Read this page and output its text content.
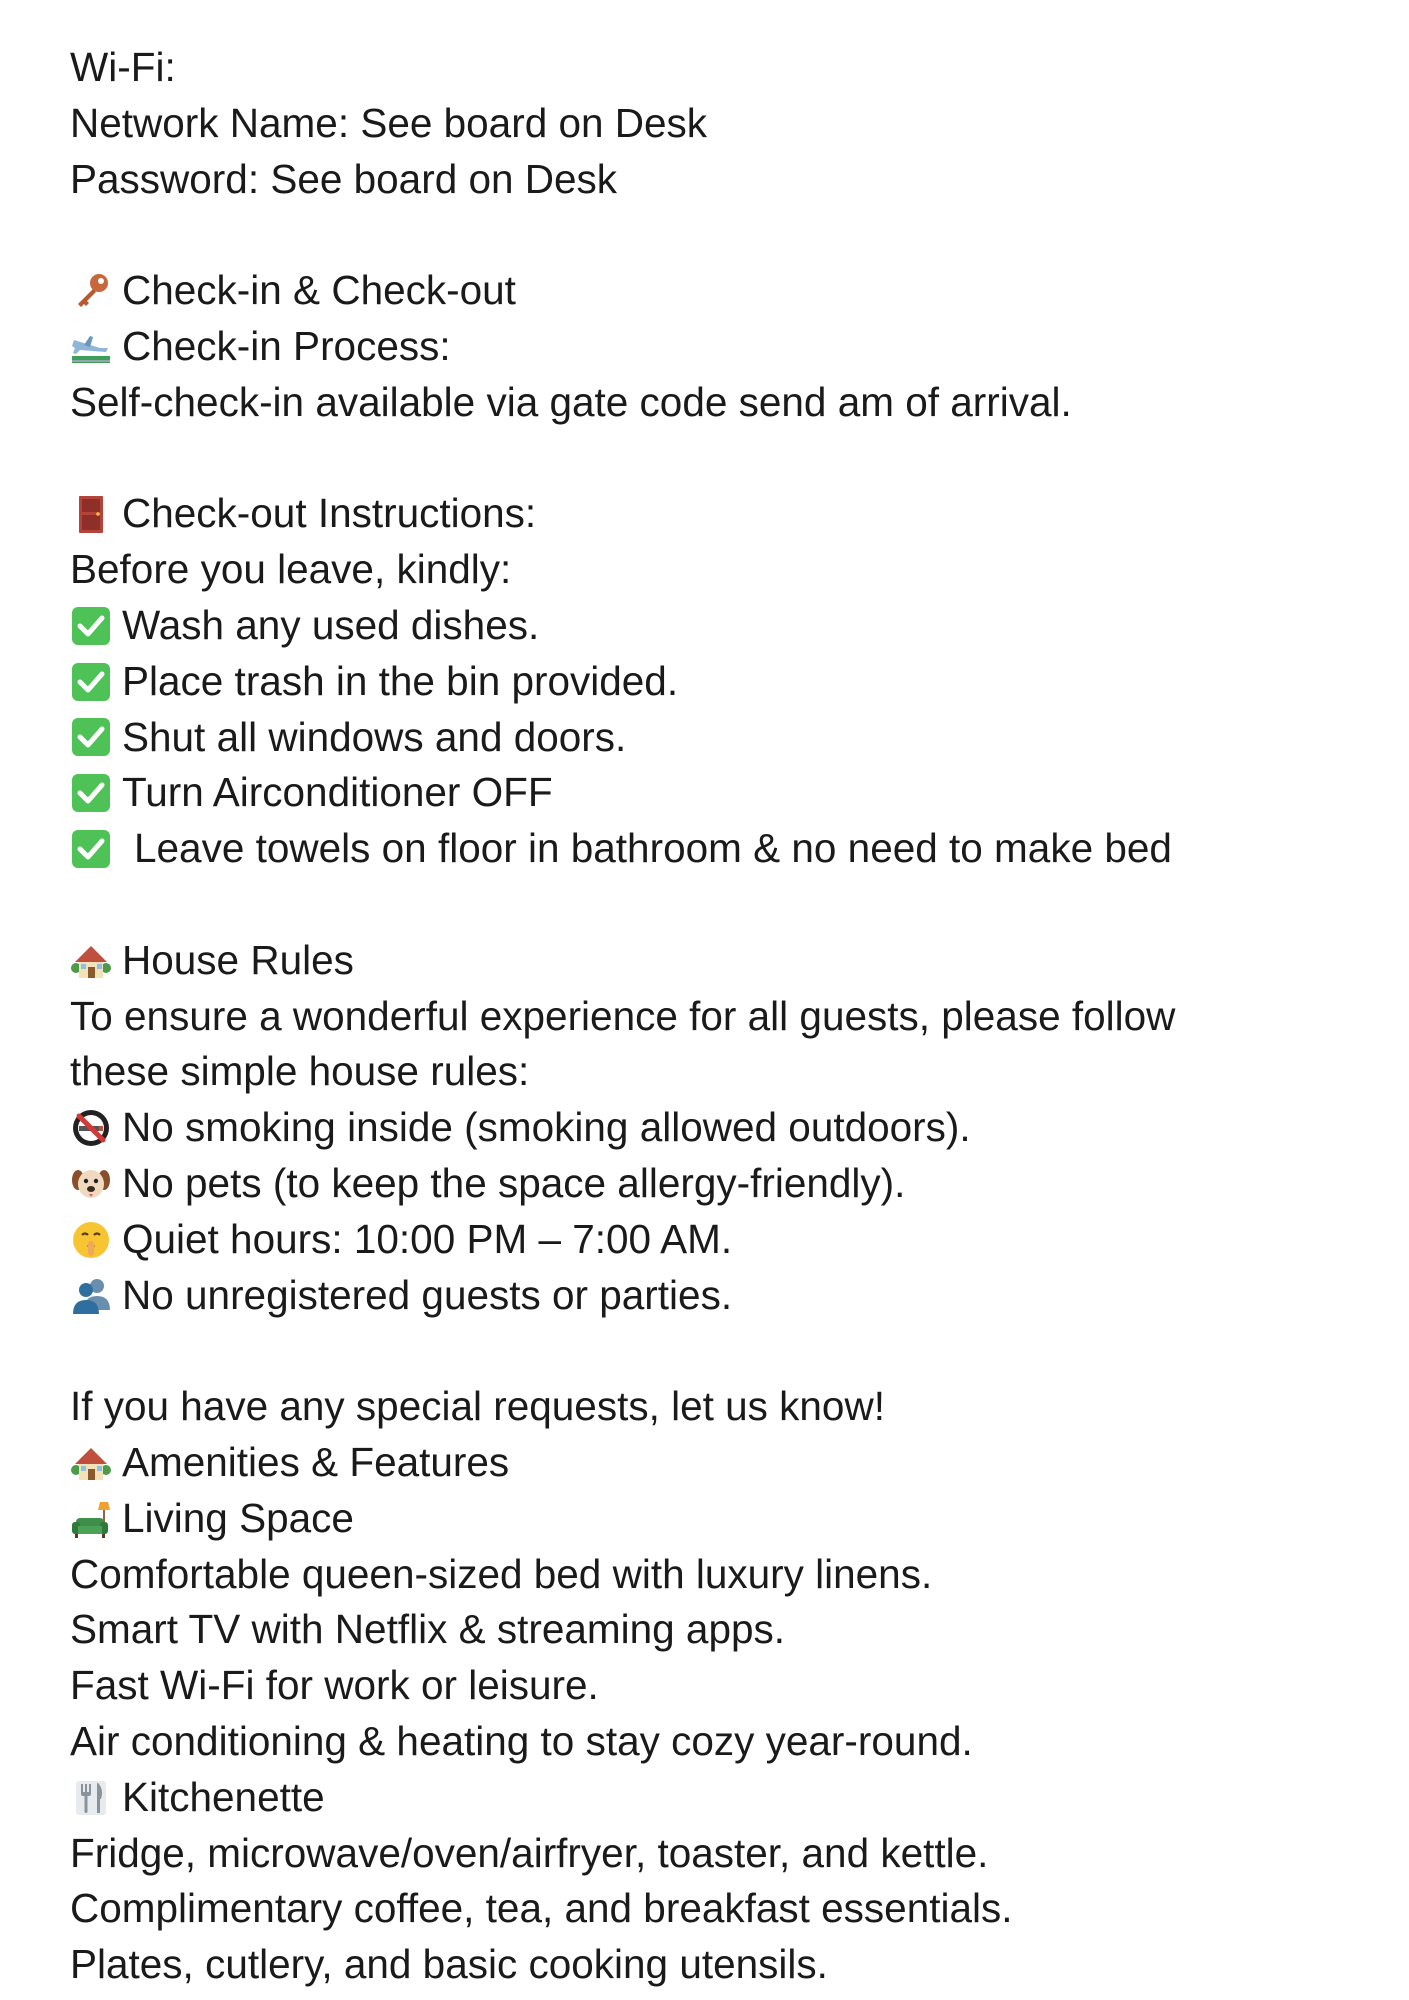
Wi-Fi:
Network Name: See board on Desk
Password: See board on Desk
Check-in & Check-out
Check-in Process:
Self-check-in available via gate code send am of arrival.
Check-out Instructions:
Before you leave, kindly:
Wash any used dishes.
Place trash in the bin provided.
Shut all windows and doors.
Turn Airconditioner OFF
Leave towels on floor in bathroom & no need to make bed
House Rules
To ensure a wonderful experience for all guests, please follow
these simple house rules:
No smoking inside (smoking allowed outdoors).
No pets (to keep the space allergy-friendly).
Quiet hours: 10:00 PM – 7:00 AM.
No unregistered guests or parties.
If you have any special requests, let us know!
Amenities & Features
Living Space
Comfortable queen-sized bed with luxury linens.
Smart TV with Netflix & streaming apps.
Fast Wi-Fi for work or leisure.
Air conditioning & heating to stay cozy year-round.
Kitchenette
Fridge, microwave/oven/airfryer, toaster, and kettle.
Complimentary coffee, tea, and breakfast essentials.
Plates, cutlery, and basic cooking utensils.
